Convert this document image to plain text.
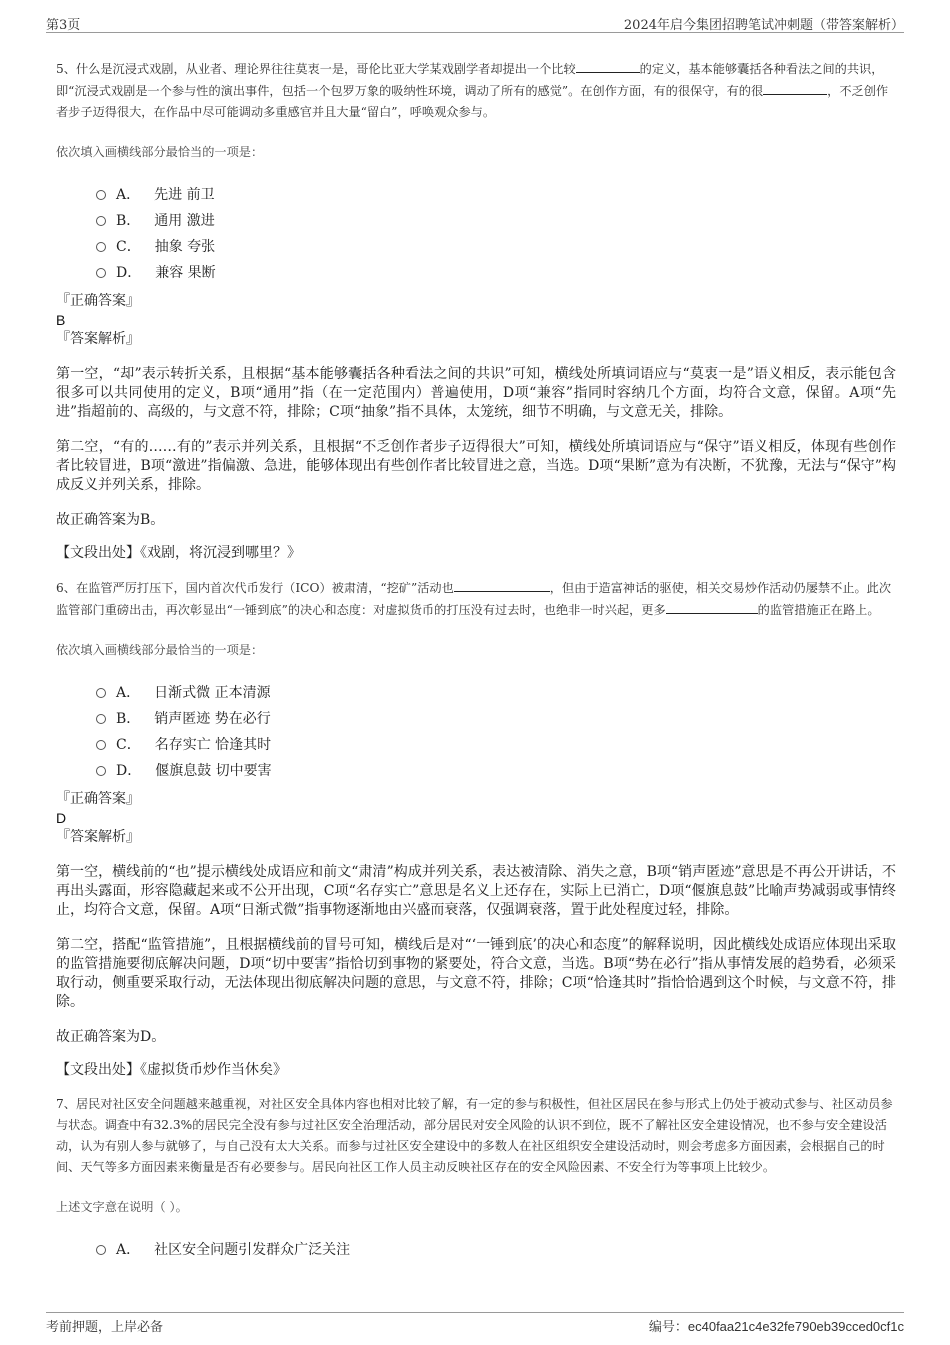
第3页	2024年启今集团招聘笔试冲刺题（带答案解析）

5、什么是沉浸式戏剧，从业者、理论界往往莫衷一是，哥伦比亚大学某戏剧学者却提出一个比较	的定义，基本能够囊括各种看法之间的共识，即“沉浸式戏剧是一个参与性的演出事件，包括一个包罗万象的吸纳性环境，调动了所有的感觉”。在创作方面，有的很保守，有的很	，不乏创作者步子迈得很大，在作品中尽可能调动多重感官并且大量“留白”，呼唤观众参与。

依次填入画横线部分最恰当的一项是：

A． 先进 前卫
B． 通用 激进
C． 抽象 夸张
D． 兼容 果断

『正确答案』

B

『答案解析』

第一空，“却”表示转折关系，且根据“基本能够囊括各种看法之间的共识”可知，横线处所填词语应与“莫衷一是”语义相反，表示能包含很多可以共同使用的定义，B项“通用”指（在一定范围内）普遍使用，D项“兼容”指同时容纳几个方面，均符合文意，保留。A项“先进”指超前的、高级的，与文意不符，排除；C项“抽象”指不具体，太笼统，细节不明确，与文意无关，排除。

第二空，“有的……有的”表示并列关系，且根据“不乏创作者步子迈得很大”可知，横线处所填词语应与“保守”语义相反，体现有些创作者比较冒进，B项“激进”指偏激、急进，能够体现出有些创作者比较冒进之意，当选。D项“果断”意为有决断，不犹豫，无法与“保守”构成反义并列关系，排除。

故正确答案为B。

【文段出处】《戏剧，将沉浸到哪里？》

6、在监管严厉打压下，国内首次代币发行（ICO）被肃清，“挖矿”活动也	，但由于造富神话的驱使，相关交易炒作活动仍屡禁不止。此次监管部门重磅出击，再次彰显出“一锤到底”的决心和态度：对虚拟货币的打压没有过去时，也绝非一时兴起，更多	的监管措施正在路上。

依次填入画横线部分最恰当的一项是：

A． 日渐式微 正本清源
B． 销声匿迹 势在必行
C． 名存实亡 恰逢其时
D． 偃旗息鼓 切中要害

『正确答案』

D

『答案解析』

第一空，横线前的“也”提示横线处成语应和前文“肃清”构成并列关系，表达被清除、消失之意，B项“销声匿迹”意思是不再公开讲话，不再出头露面，形容隐藏起来或不公开出现，C项“名存实亡”意思是名义上还存在，实际上已消亡，D项“偃旗息鼓”比喻声势减弱或事情终止，均符合文意，保留。A项“日渐式微”指事物逐渐地由兴盛而衰落，仅强调衰落，置于此处程度过轻，排除。

第二空，搭配“监管措施”，且根据横线前的冒号可知，横线后是对“‘一锤到底’的决心和态度”的解释说明，因此横线处成语应体现出采取的监管措施要彻底解决问题，D项“切中要害”指恰切到事物的紧要处，符合文意，当选。B项“势在必行”指从事情发展的趋势看，必须采取行动，侧重要采取行动，无法体现出彻底解决问题的意思，与文意不符，排除；C项“恰逢其时”指恰恰遇到这个时候，与文意不符，排除。

故正确答案为D。

【文段出处】《虚拟货币炒作当休矣》

7、居民对社区安全问题越来越重视，对社区安全具体内容也相对比较了解，有一定的参与积极性，但社区居民在参与形式上仍处于被动式参与、社区动员参与状态。调查中有32.3%的居民完全没有参与过社区安全治理活动，部分居民对安全风险的认识不到位，既不了解社区安全建设情况，也不参与安全建设活动，认为有别人参与就够了，与自己没有太大关系。而参与过社区安全建设中的多数人在社区组织安全建设活动时，则会考虑多方面因素，会根据自己的时间、天气等多方面因素来衡量是否有必要参与。居民向社区工作人员主动反映社区存在的安全风险因素、不安全行为等事项上比较少。

上述文字意在说明（ ）。

A． 社区安全问题引发群众广泛关注
考前押题，上岸必备	编号：ec40faa21c4e32fe790eb39cced0cf1c
